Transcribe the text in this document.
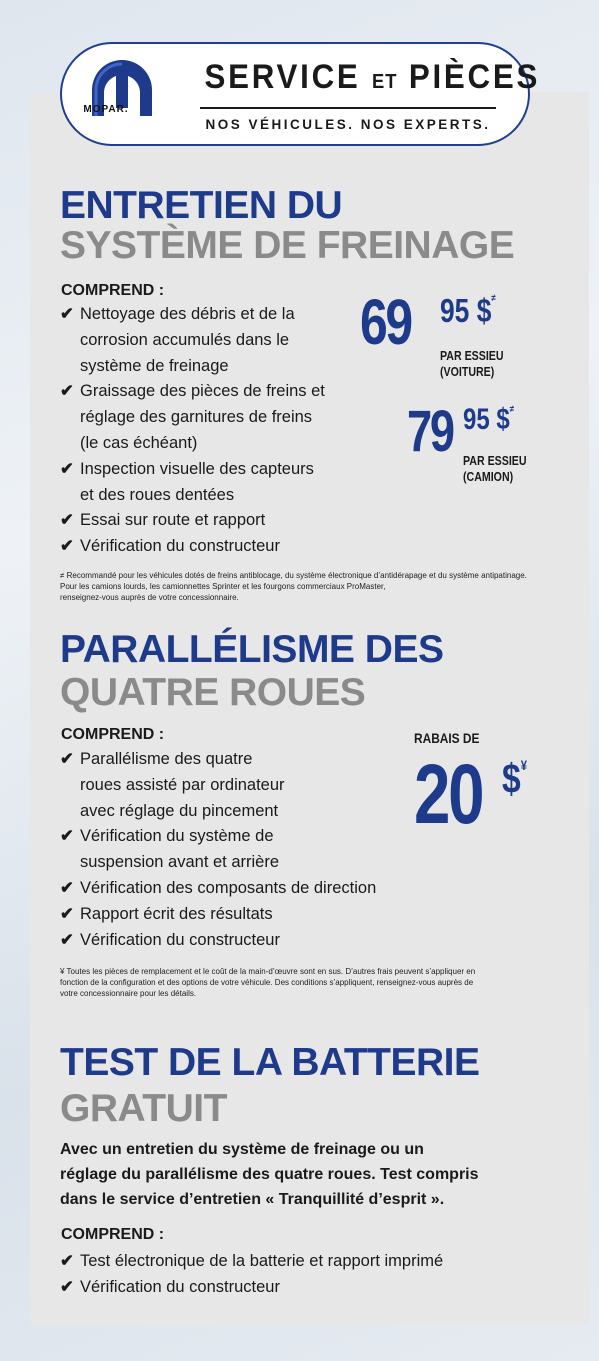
MOPAR.
SERVICE ET PIÈCES
NOS VÉHICULES. NOS EXPERTS.
ENTRETIEN DU
SYSTÈME DE FREINAGE
COMPREND :
✔ Nettoyage des débris et de la
corrosion accumulés dans le
système de freinage
✔ Graissage des pièces de freins et
réglage des garnitures de freins
(le cas échéant)
✔ Inspection visuelle des capteurs
et des roues dentées
✔ Essai sur route et rapport
✔ Vérification du constructeur
69 95 $≠
PAR ESSIEU
(VOITURE)
79 95 $≠
PAR ESSIEU
(CAMION)
≠ Recommandé pour les véhicules dotés de freins antiblocage, du système électronique d’antidérapage et du système antipatinage.
Pour les camions lourds, les camionnettes Sprinter et les fourgons commerciaux ProMaster,
renseignez-vous auprès de votre concessionnaire.
PARALLÉLISME DES
QUATRE ROUES
COMPREND :
✔ Parallélisme des quatre
roues assisté par ordinateur
avec réglage du pincement
✔ Vérification du système de
suspension avant et arrière
✔ Vérification des composants de direction
✔ Rapport écrit des résultats
✔ Vérification du constructeur
RABAIS DE
20 $¥
¥ Toutes les pièces de remplacement et le coût de la main-d’œuvre sont en sus. D’autres frais peuvent s’appliquer en
fonction de la configuration et des options de votre véhicule. Des conditions s’appliquent, renseignez-vous auprès de
votre concessionnaire pour les détails.
TEST DE LA BATTERIE
GRATUIT
Avec un entretien du système de freinage ou un
réglage du parallélisme des quatre roues. Test compris
dans le service d’entretien « Tranquillité d’esprit ».
COMPREND :
✔ Test électronique de la batterie et rapport imprimé
✔ Vérification du constructeur
